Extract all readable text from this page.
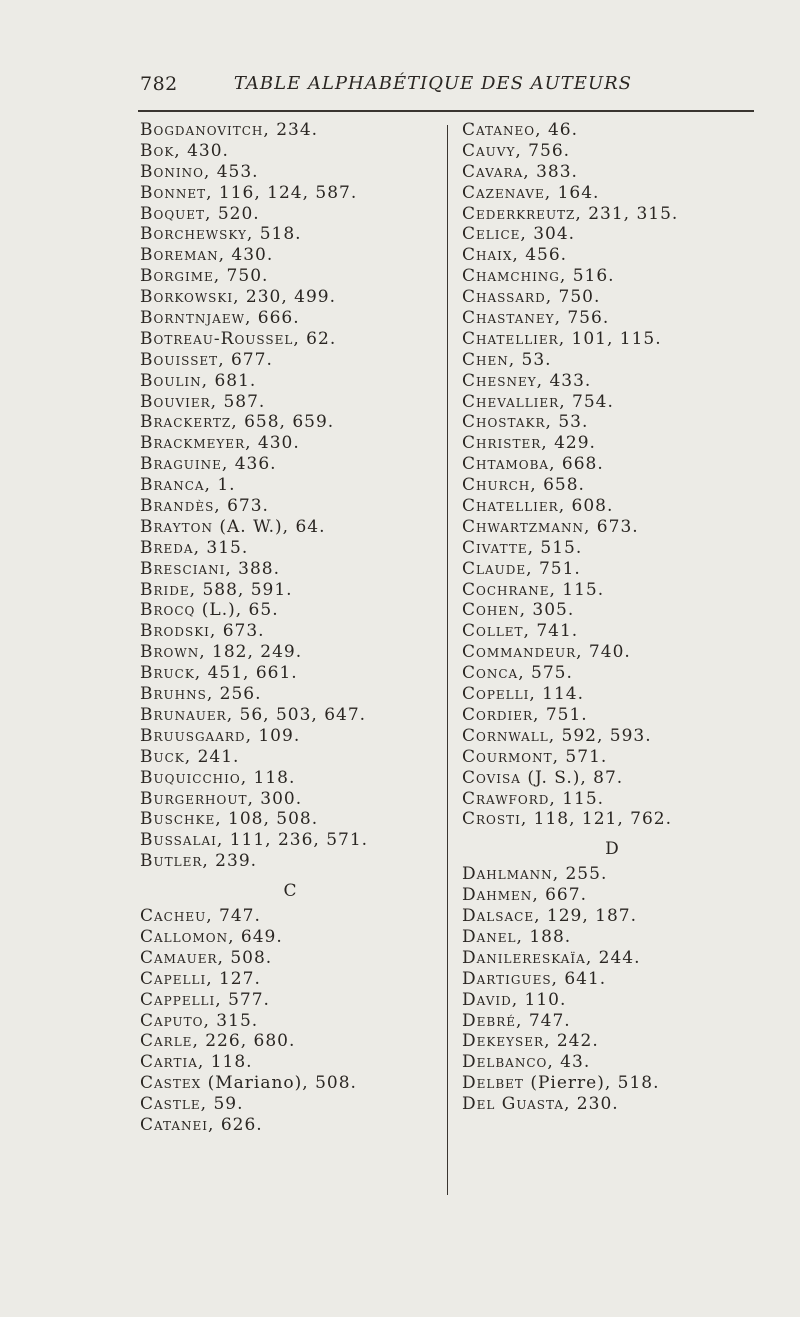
782	TABLE ALPHABÉTIQUE DES AUTEURS
Bogdanovitch, 234.
Bok, 430.
Bonino, 453.
Bonnet, 116, 124, 587.
Boquet, 520.
Borchewsky, 518.
Boreman, 430.
Borgime, 750.
Borkowski, 230, 499.
Borntnjaew, 666.
Botreau-Roussel, 62.
Bouisset, 677.
Boulin, 681.
Bouvier, 587.
Brackertz, 658, 659.
Brackmeyer, 430.
Braguine, 436.
Branca, 1.
Brandès, 673.
Brayton (A. W.), 64.
Breda, 315.
Bresciani, 388.
Bride, 588, 591.
Brocq (L.), 65.
Brodski, 673.
Brown, 182, 249.
Bruck, 451, 661.
Bruhns, 256.
Brunauer, 56, 503, 647.
Bruusgaard, 109.
Buck, 241.
Buquicchio, 118.
Burgerhout, 300.
Buschke, 108, 508.
Bussalai, 111, 236, 571.
Butler, 239.
C
Cacheu, 747.
Callomon, 649.
Camauer, 508.
Capelli, 127.
Cappelli, 577.
Caputo, 315.
Carle, 226, 680.
Cartia, 118.
Castex (Mariano), 508.
Castle, 59.
Catanei, 626.
Cataneo, 46.
Cauvy, 756.
Cavara, 383.
Cazenave, 164.
Cederkreutz, 231, 315.
Celice, 304.
Chaix, 456.
Chamching, 516.
Chassard, 750.
Chastaney, 756.
Chatellier, 101, 115.
Chen, 53.
Chesney, 433.
Chevallier, 754.
Chostakr, 53.
Christer, 429.
Chtamoba, 668.
Church, 658.
Chatellier, 608.
Chwartzmann, 673.
Civatte, 515.
Claude, 751.
Cochrane, 115.
Cohen, 305.
Collet, 741.
Commandeur, 740.
Conca, 575.
Copelli, 114.
Cordier, 751.
Cornwall, 592, 593.
Courmont, 571.
Covisa (J. S.), 87.
Crawford, 115.
Crosti, 118, 121, 762.
D
Dahlmann, 255.
Dahmen, 667.
Dalsace, 129, 187.
Danel, 188.
Danilereskaïa, 244.
Dartigues, 641.
David, 110.
Debré, 747.
Dekeyser, 242.
Delbanco, 43.
Delbet (Pierre), 518.
Del Guasta, 230.
